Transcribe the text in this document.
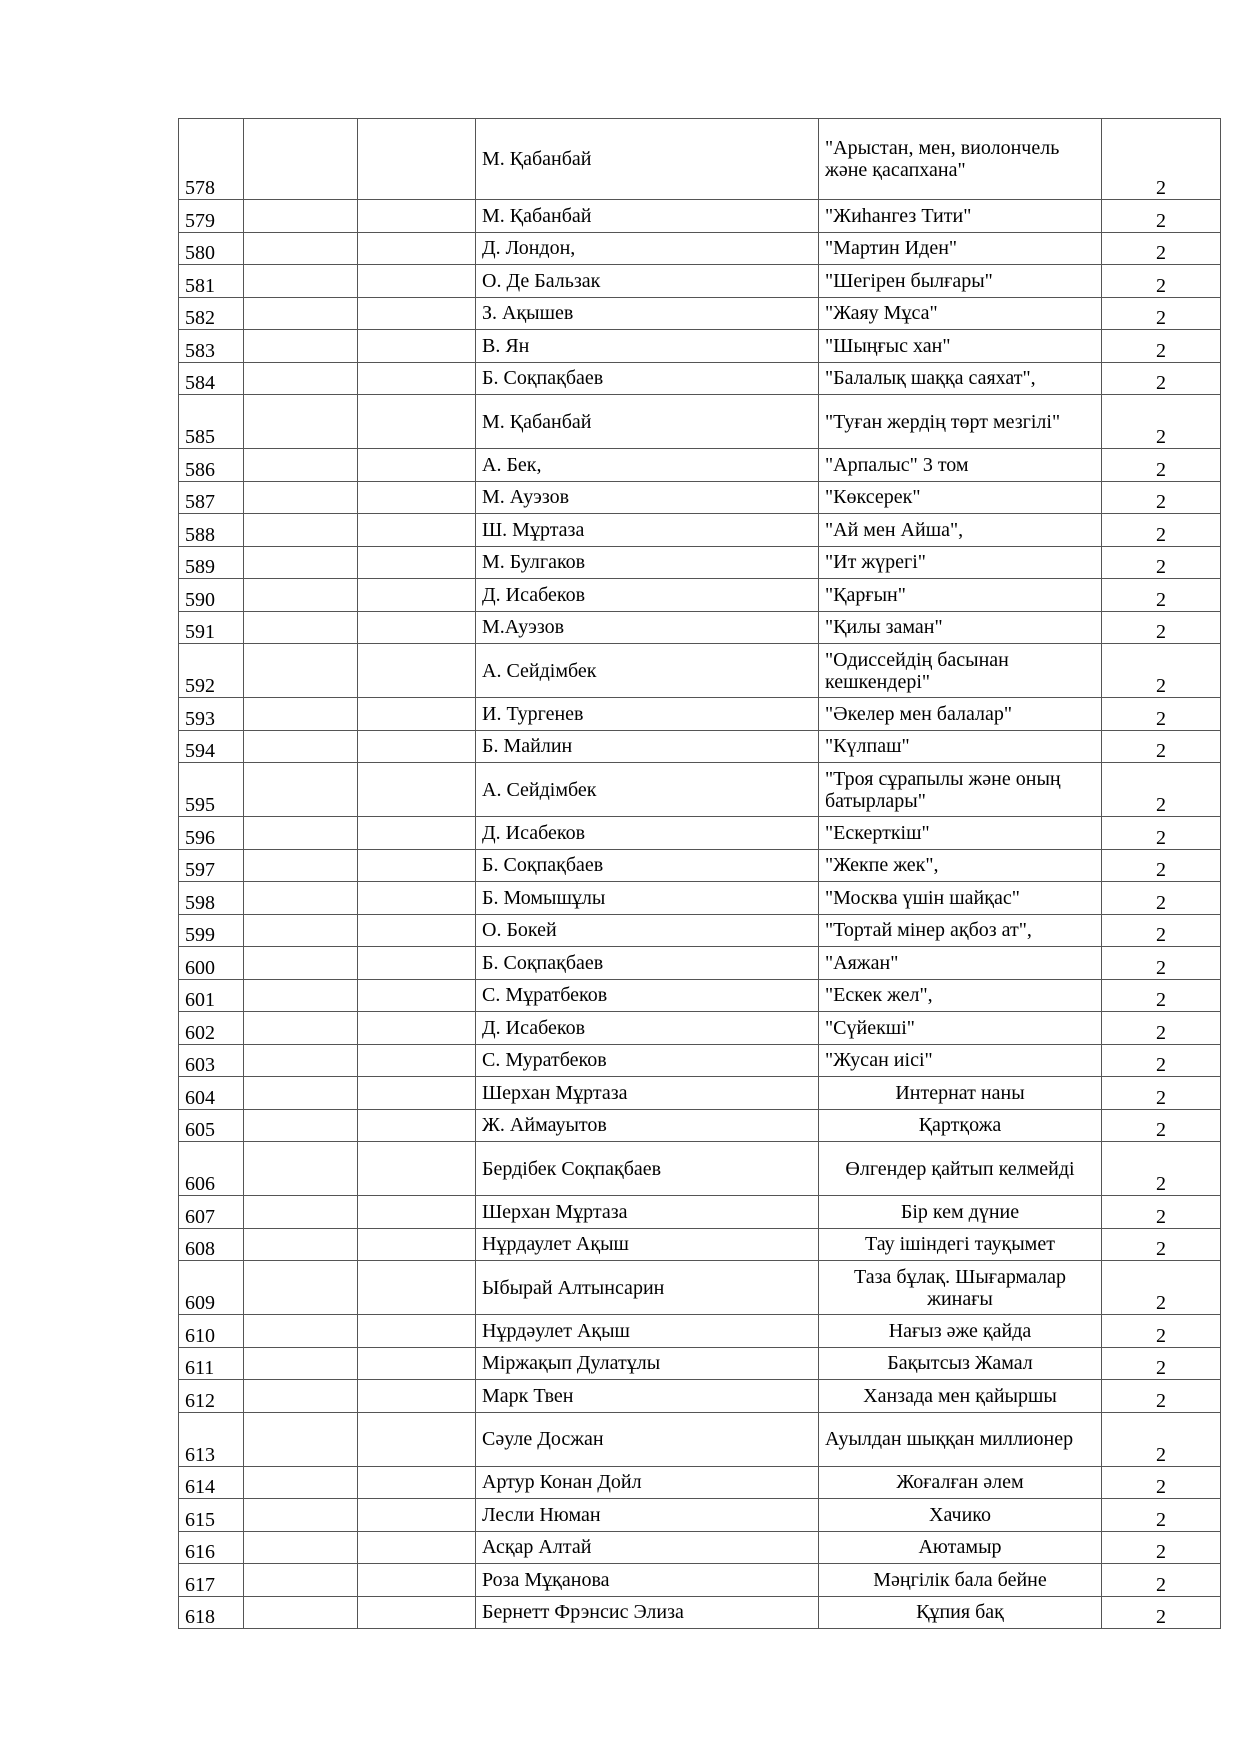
578			М. Қабанбай	"Арыстан, мен, виолончель және қасапхана"	2
579			М. Қабанбай	"Жиһангез Тити"	2
580			Д. Лондон,	"Мартин Иден"	2
581			О. Де Бальзак	"Шегірен былғары"	2
582			З. Ақышев	"Жаяу Мұса"	2
583			В. Ян	"Шыңғыс хан"	2
584			Б. Соқпақбаев	"Балалық шаққа саяхат",	2
585			М. Қабанбай	"Туған жердің төрт мезгілі"	2
586			А. Бек,	"Арпалыс" 3 том	2
587			М. Ауэзов	"Көксерек"	2
588			Ш. Мұртаза	"Ай мен Айша",	2
589			М. Булгаков	"Ит жүрегі"	2
590			Д. Исабеков	"Қарғын"	2
591			М.Ауэзов	"Қилы заман"	2
592			А. Сейдімбек	"Одиссейдің басынан кешкендері"	2
593			И. Тургенев	"Әкелер мен балалар"	2
594			Б. Майлин	"Күлпаш"	2
595			А. Сейдімбек	"Троя сұрапылы және оның батырлары"	2
596			Д. Исабеков	"Ескерткіш"	2
597			Б. Соқпақбаев	"Жекпе жек",	2
598			Б. Момышұлы	"Москва үшін шайқас"	2
599			О. Бокей	"Тортай мінер ақбоз ат",	2
600			Б. Соқпақбаев	"Аяжан"	2
601			С. Мұратбеков	"Ескек жел",	2
602			Д. Исабеков	"Сүйекші"	2
603			С. Муратбеков	"Жусан иісі"	2
604			Шерхан Мұртаза	Интернат наны	2
605			Ж. Аймауытов	Қартқожа	2
606			Бердібек Соқпақбаев	Өлгендер қайтып келмейді	2
607			Шерхан Мұртаза	Бір кем дүние	2
608			Нұрдаулет Ақыш	Тау ішіндегі тауқымет	2
609			Ыбырай Алтынсарин	Таза бұлақ. Шығармалар жинағы	2
610			Нұрдәулет Ақыш	Нағыз әже қайда	2
611			Міржақып Дулатұлы	Бақытсыз Жамал	2
612			Марк Твен	Ханзада мен қайыршы	2
613			Сәуле Досжан	Ауылдан шыққан миллионер	2
614			Артур Конан Дойл	Жоғалған әлем	2
615			Лесли Нюман	Хачико	2
616			Асқар Алтай	Аютамыр	2
617			Роза Мұқанова	Мәңгілік бала бейне	2
618			Бернетт Фрэнсис Элиза	Құпия бақ	2
